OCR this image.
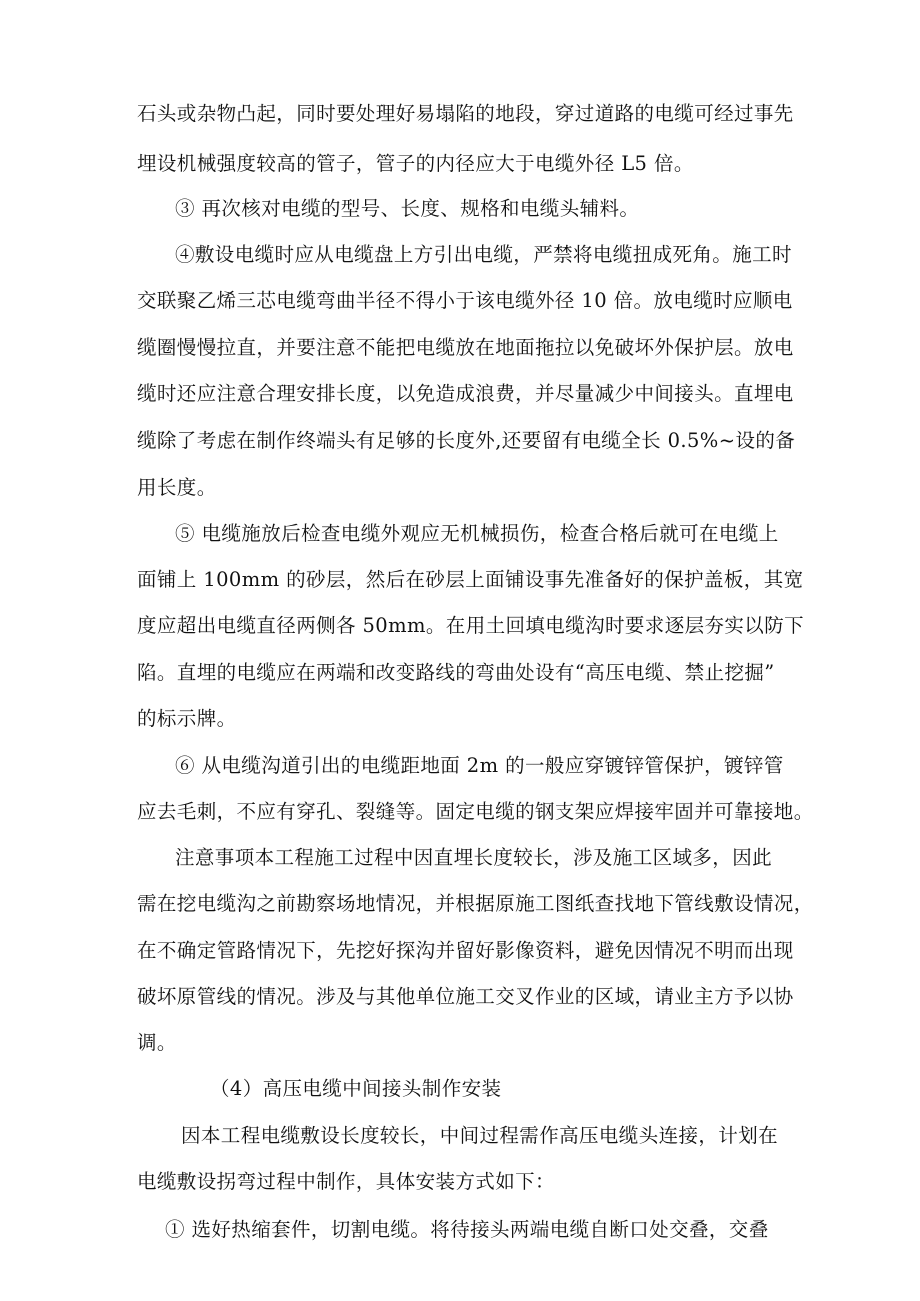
石头或杂物凸起，同时要处理好易塌陷的地段，穿过道路的电缆可经过事先
埋设机械强度较高的管子，管子的内径应大于电缆外径 L5 倍。
③ 再次核对电缆的型号、长度、规格和电缆头辅料。
④敷设电缆时应从电缆盘上方引出电缆，严禁将电缆扭成死角。施工时
交联聚乙烯三芯电缆弯曲半径不得小于该电缆外径 10 倍。放电缆时应顺电
缆圈慢慢拉直，并要注意不能把电缆放在地面拖拉以免破坏外保护层。放电
缆时还应注意合理安排长度，以免造成浪费，并尽量减少中间接头。直埋电
缆除了考虑在制作终端头有足够的长度外,还要留有电缆全长 0.5%~设的备
用长度。
⑤ 电缆施放后检查电缆外观应无机械损伤，检查合格后就可在电缆上
面铺上 100mm 的砂层，然后在砂层上面铺设事先准备好的保护盖板，其宽
度应超出电缆直径两侧各 50mm。在用土回填电缆沟时要求逐层夯实以防下
陷。直埋的电缆应在两端和改变路线的弯曲处设有“高压电缆、禁止挖掘”
的标示牌。
⑥ 从电缆沟道引出的电缆距地面 2m 的一般应穿镀锌管保护，镀锌管
应去毛刺，不应有穿孔、裂缝等。固定电缆的钢支架应焊接牢固并可靠接地。
注意事项本工程施工过程中因直埋长度较长，涉及施工区域多，因此
需在挖电缆沟之前勘察场地情况，并根据原施工图纸查找地下管线敷设情况，
在不确定管路情况下，先挖好探沟并留好影像资料，避免因情况不明而出现
破坏原管线的情况。涉及与其他单位施工交叉作业的区域，请业主方予以协
调。
（4）高压电缆中间接头制作安装
因本工程电缆敷设长度较长，中间过程需作高压电缆头连接，计划在
电缆敷设拐弯过程中制作，具体安装方式如下：
① 选好热缩套件，切割电缆。将待接头两端电缆自断口处交叠，交叠
